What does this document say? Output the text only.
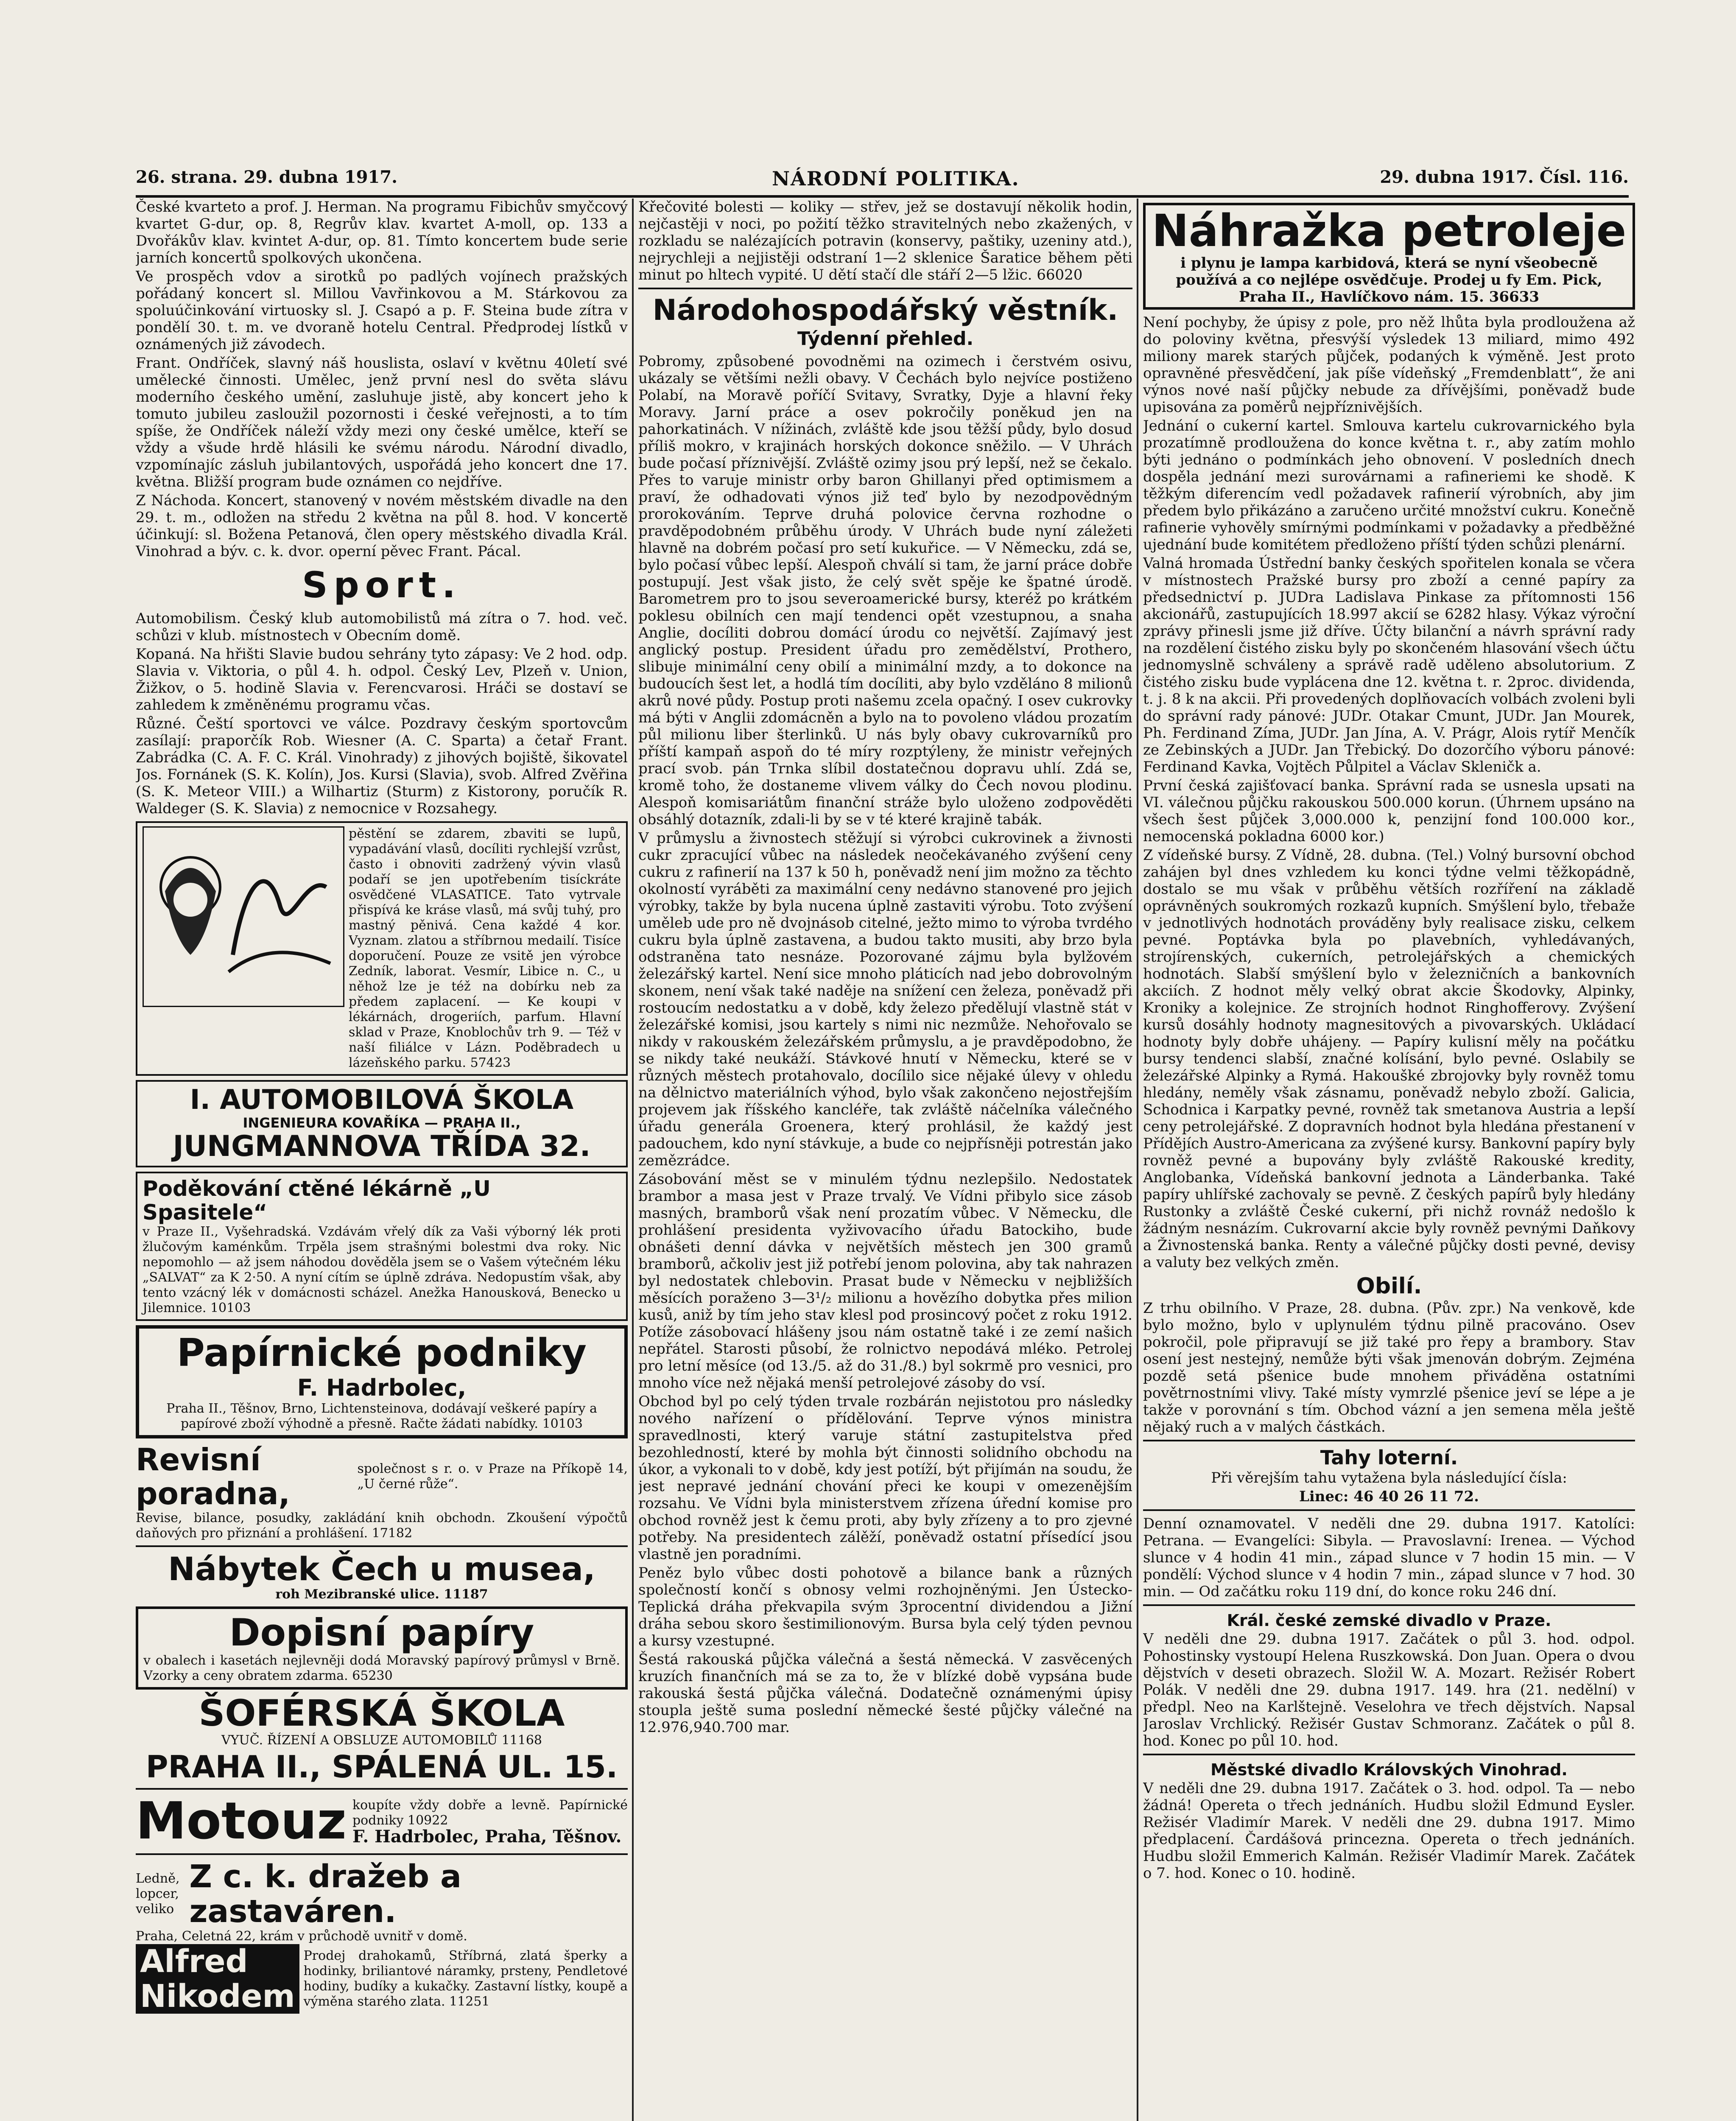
26. strana. 29. dubna 1917.	NÁRODNÍ POLITIKA.	29. dubna 1917. Čísl. 116.

České kvarteto a prof. J. Herman. Na programu Fibichův smyčcový kvartet G-dur, op. 8, Regrův klav. kvartet A-moll, op. 133 a Dvořákův klav. kvintet A-dur, op. 81. Tímto koncertem bude serie jarních koncertů spolkových ukončena.

Ve prospěch vdov a sirotků po padlých vojínech pražských pořádaný koncert sl. Millou Vavřinkovou a M. Stárkovou za spoluúčinkování virtuosky sl. J. Csapó a p. F. Steina bude zítra v pondělí 30. t. m. ve dvoraně hotelu Central. Předprodej lístků v oznámených již závodech.

Frant. Ondříček, slavný náš houslista, oslaví v květnu 40letí své umělecké činnosti. Umělec, jenž první nesl do světa slávu moderního českého umění, zasluhuje jistě, aby koncert jeho k tomuto jubileu zasloužil pozornosti i české veřejnosti, a to tím spíše, že Ondříček náleží vždy mezi ony české umělce, kteří se vždy a všude hrdě hlásili ke svému národu. Národní divadlo, vzpomínajíc zásluh jubilantových, uspořádá jeho koncert dne 17. května. Bližší program bude oznámen co nejdříve.

Z Náchoda. Koncert, stanovený v novém městském divadle na den 29. t. m., odložen na středu 2 května na půl 8. hod. V koncertě účinkují: sl. Božena Petanová, člen opery městského divadla Král. Vinohrad a býv. c. k. dvor. operní pěvec Frant. Pácal.

Sport.

Automobilism. Český klub automobilistů má zítra o 7. hod. več. schůzi v klub. místnostech v Obecním domě.

Kopaná. Na hřišti Slavie budou sehrány tyto zápasy: Ve 2 hod. odp. Slavia v. Viktoria, o půl 4. h. odpol. Český Lev, Plzeň v. Union, Žižkov, o 5. hodině Slavia v. Ferencvarosi. Hráči se dostaví se zahledem k změněnému programu včas.

Různé. Čeští sportovci ve válce. Pozdravy českým sportovcům zasílají: praporčík Rob. Wiesner (A. C. Sparta) a četař Frant. Zabrádka (C. A. F. C. Král. Vinohrady) z jihových bojiště, šikovatel Jos. Fornánek (S. K. Kolín), Jos. Kursi (Slavia), svob. Alfred Zvěřina (S. K. Meteor VIII.) a Wilhartiz (Sturm) z Kistorony, poručík R. Waldeger (S. K. Slavia) z nemocnice v Rozsahegy.

pěstění se zdarem, zbaviti se lupů, vypadávání vlasů, docíliti rychlejší vzrůst, často i obnoviti zadržený vývin vlasů podaří se jen upotřebením tisíckráte osvědčené VLASATICE. Tato vytrvale přispívá ke kráse vlasů, má svůj tuhý, pro mastný pěnivá. Cena každé 4 kor. Vyznam. zlatou a stříbrnou medailí. Tisíce doporučení. Pouze ze vsitě jen výrobce Zedník, laborat. Vesmír, Libice n. C., u něhož lze je též na dobírku neb za předem zaplacení. — Ke koupi v lékárnách, drogeriích, parfum. Hlavní sklad v Praze, Knoblochův trh 9. — Též v naší filiálce v Lázn. Poděbradech u lázeňského parku. 57423

I. AUTOMOBILOVÁ ŠKOLA
INGENIEURA KOVAŘÍKA — PRAHA II.,
JUNGMANNOVA TŘÍDA 32.
Poděkování ctěné lékárně „U Spasitele“

v Praze II., Vyšehradská. Vzdávám vřelý dík za Vaši výborný lék proti žlučovým kaménkům. Trpěla jsem strašnými bolestmi dva roky. Nic nepomohlo — až jsem náhodou dověděla jsem se o Vašem výtečném léku „SALVAT“ za K 2·50. A nyní cítím se úplně zdráva. Nedopustím však, aby tento vzácný lék v domácnosti scházel. Anežka Hanousková, Benecko u Jilemnice. 10103

Papírnické podniky
F. Hadrbolec,

Praha II., Těšnov, Brno, Lichtensteinova, dodávají veškeré papíry a papírové zboží výhodně a přesně. Račte žádati nabídky. 10103

Revisní poradna,
společnost s r. o. v Praze na Příkopě 14, „U černé růže“.

Revise, bilance, posudky, zakládání knih obchodn. Zkoušení výpočtů daňových pro přiznání a prohlášení. 17182

Nábytek Čech u musea,
roh Mezibranské ulice. 11187
Dopisní papíry

v obalech i kasetách nejlevněji dodá Moravský papírový průmysl v Brně. Vzorky a ceny obratem zdarma. 65230

ŠOFÉRSKÁ ŠKOLA
VYUČ. ŘÍZENÍ A OBSLUZE AUTOMOBILŮ 11168
PRAHA II., SPÁLENÁ UL. 15.
Motouz koupíte vždy dobře a levně. Papírnické podniky 10922

F. Hadrbolec, Praha, Těšnov.

Ledně, lopcer, veliko
Z c. k. dražeb a zastaváren.

Praha, Celetná 22, krám v průchodě uvnitř v domě.

Alfred Nikodem
Prodej drahokamů, Stříbrná, zlatá šperky a hodinky, briliantové náramky, prsteny, Pendletové hodiny, budíky a kukačky. Zastavní lístky, koupě a výměna starého zlata. 11251

Křečovité bolesti — koliky — střev, jež se dostavují několik hodin, nejčastěji v noci, po požití těžko stravitelných nebo zkažených, v rozkladu se nalézajících potravin (konservy, paštiky, uzeniny atd.), nejrychleji a nejjistěji odstraní 1—2 sklenice Šaratice během pěti minut po hltech vypité. U dětí stačí dle stáří 2—5 lžic. 66020

Národohospodářský věstník.
Týdenní přehled.

Pobromy, způsobené povodněmi na ozimech i čerstvém osivu, ukázaly se většími nežli obavy. V Čechách bylo nejvíce postiženo Polabí, na Moravě poříčí Svitavy, Svratky, Dyje a hlavní řeky Moravy. Jarní práce a osev pokročily poněkud jen na pahorkatinách. V nížinách, zvláště kde jsou těžší půdy, bylo dosud příliš mokro, v krajinách horských dokonce sněžilo. — V Uhrách bude počasí příznivější. Zvláště ozimy jsou prý lepší, než se čekalo. Přes to varuje ministr orby baron Ghillanyi před optimismem a praví, že odhadovati výnos již teď bylo by nezodpovědným prorokováním. Teprve druhá polovice června rozhodne o pravděpodobném průběhu úrody. V Uhrách bude nyní záležeti hlavně na dobrém počasí pro setí kukuřice. — V Německu, zdá se, bylo počasí vůbec lepší. Alespoň chválí si tam, že jarní práce dobře postupují. Jest však jisto, že celý svět spěje ke špatné úrodě. Barometrem pro to jsou severoamerické bursy, kteréž po krátkém poklesu obilních cen mají tendenci opět vzestupnou, a snaha Anglie, docíliti dobrou domácí úrodu co největší. Zajímavý jest anglický postup. President úřadu pro zemědělství, Prothero, slibuje minimální ceny obilí a minimální mzdy, a to dokonce na budoucích šest let, a hodlá tím docíliti, aby bylo vzděláno 8 milionů akrů nové půdy. Postup proti našemu zcela opačný. I osev cukrovky má býti v Anglii zdomácněn a bylo na to povoleno vládou prozatím půl milionu liber šterlinků. U nás byly obavy cukrovarníků pro příští kampaň aspoň do té míry rozptýleny, že ministr veřejných prací svob. pán Trnka slíbil dostatečnou dopravu uhlí. Zdá se, kromě toho, že dostaneme vlivem války do Čech novou plodinu. Alespoň komisariátům finanční stráže bylo uloženo zodpověděti obsáhlý dotazník, zdali-li by se v té které krajině tabák.

V průmyslu a živnostech stěžují si výrobci cukrovinek a živnosti cukr zpracující vůbec na následek neočekávaného zvýšení ceny cukru z rafinerií na 137 k 50 h, poněvadž není jim možno za těchto okolností vyráběti za maximální ceny nedávno stanovené pro jejich výrobky, takže by byla nucena úplně zastaviti výrobu. Toto zvýšení uměleb ude pro ně dvojnásob citelné, ježto mimo to výroba tvrdého cukru byla úplně zastavena, a budou takto musiti, aby brzo byla odstraněna tato nesnáze. Pozorované zájmu byla bylžovém železářský kartel. Není sice mnoho pláticích nad jebo dobrovolným skonem, není však také naděje na snížení cen železa, poněvadž při rostoucím nedostatku a v době, kdy železo předělují vlastně stát v železářské komisi, jsou kartely s nimi nic nezmůže. Nehořovalo se nikdy v rakouském železářském průmyslu, a je pravděpodobno, že se nikdy také neukáží. Stávkové hnutí v Německu, které se v různých městech protahovalo, docílilo sice nějaké úlevy v ohledu na dělnictvo materiálních výhod, bylo však zakončeno nejostřejším projevem jak říšského kancléře, tak zvláště náčelníka válečného úřadu generála Groenera, který prohlásil, že každý jest padouchem, kdo nyní stávkuje, a bude co nejpřísněji potrestán jako zemězrádce.

Zásobování měst se v minulém týdnu nezlepšilo. Nedostatek brambor a masa jest v Praze trvalý. Ve Vídni přibylo sice zásob masných, bramborů však není prozatím vůbec. V Německu, dle prohlášení presidenta vyživovacího úřadu Batockiho, bude obnášeti denní dávka v největších městech jen 300 gramů bramborů, ačkoliv jest již potřebí jenom polovina, aby tak nahrazen byl nedostatek chlebovin. Prasat bude v Německu v nejbližších měsících poraženo 3—3¹/₂ milionu a hovězího dobytka přes milion kusů, aniž by tím jeho stav klesl pod prosincový počet z roku 1912. Potíže zásobovací hlášeny jsou nám ostatně také i ze zemí našich nepřátel. Starosti působí, že rolnictvo nepodává mléko. Petrolej pro letní měsíce (od 13./5. až do 31./8.) byl sokrmě pro vesnici, pro mnoho více než nějaká menší petrolejové zásoby do vsí.

Obchod byl po celý týden trvale rozbárán nejistotou pro následky nového nařízení o přídělování. Teprve výnos ministra spravedlnosti, který varuje státní zastupitelstva před bezohledností, které by mohla být činnosti solidního obchodu na úkor, a vykonali to v době, kdy jest potíží, být přijímán na soudu, že jest nepravé jednání chování přeci ke koupi v omezenějším rozsahu. Ve Vídni byla ministerstvem zřízena úřední komise pro obchod rovněž jest k čemu proti, aby byly zřízeny a to pro zjevné potřeby. Na presidentech zálěží, poněvadž ostatní přísedící jsou vlastně jen poradními.

Peněz bylo vůbec dosti pohotově a bilance bank a různých společností končí s obnosy velmi rozhojněnými. Jen Ústecko-Teplická dráha překvapila svým 3procentní dividendou a Jižní dráha sebou skoro šestimilionovým. Bursa byla celý týden pevnou a kursy vzestupné.

Šestá rakouská půjčka válečná a šestá německá. V zasvěcených kruzích finančních má se za to, že v blízké době vypsána bude rakouská šestá půjčka válečná. Dodatečně oznámenými úpisy stoupla ještě suma poslední německé šesté půjčky válečné na 12.976,940.700 mar.

Náhražka petroleje

i plynu je lampa karbidová, která se nyní všeobecně používá a co nejlépe osvědčuje. Prodej u fy Em. Pick, Praha II., Havlíčkovo nám. 15. 36633

Není pochyby, že úpisy z pole, pro něž lhůta byla prodloužena až do poloviny května, přesvýší výsledek 13 miliard, mimo 492 miliony marek starých půjček, podaných k výměně. Jest proto opravněné přesvědčení, jak píše vídeňský „Fremdenblatt“, že ani výnos nové naší půjčky nebude za dřívějšími, poněvadž bude upisována za poměrů nejpříznivějších.

Jednání o cukerní kartel. Smlouva kartelu cukrovarnického byla prozatímně prodloužena do konce května t. r., aby zatím mohlo býti jednáno o podmínkách jeho obnovení. V posledních dnech dospěla jednání mezi surovárnami a rafineriemi ke shodě. K těžkým diferencím vedl požadavek rafinerií výrobních, aby jim předem bylo přikázáno a zaručeno určité množství cukru. Konečně rafinerie vyhověly smírnými podmínkami v požadavky a předběžné ujednání bude komitétem předloženo příští týden schůzi plenární.

Valná hromada Ústřední banky českých spořitelen konala se včera v místnostech Pražské bursy pro zboží a cenné papíry za předsednictví p. JUDra Ladislava Pinkase za přítomnosti 156 akcionářů, zastupujících 18.997 akcií se 6282 hlasy. Výkaz výroční zprávy přinesli jsme již dříve. Účty bilanční a návrh správní rady na rozdělení čistého zisku byly po skončeném hlasování všech účtu jednomyslně schváleny a správě radě uděleno absolutorium. Z čistého zisku bude vyplácena dne 12. května t. r. 2proc. dividenda, t. j. 8 k na akcii. Při provedených doplňovacích volbách zvoleni byli do správní rady pánové: JUDr. Otakar Cmunt, JUDr. Jan Mourek, Ph. Ferdinand Zíma, JUDr. Jan Jína, A. V. Prágr, Alois rytíř Menčík ze Zebinských a JUDr. Jan Třebický. Do dozorčího výboru pánové: Ferdinand Kavka, Vojtěch Půlpitel a Václav Skleničk a.

První česká zajišťovací banka. Správní rada se usnesla upsati na VI. válečnou půjčku rakouskou 500.000 korun. (Úhrnem upsáno na všech šest půjček 3,000.000 k, penzijní fond 100.000 kor., nemocenská pokladna 6000 kor.)

Z vídeňské bursy. Z Vídně, 28. dubna. (Tel.) Volný bursovní obchod zahájen byl dnes vzhledem ku konci týdne velmi těžkopádně, dostalo se mu však v průběhu větších rozříření na základě oprávněných soukromých rozkazů kupních. Smýšlení bylo, třebaže v jednotlivých hodnotách prováděny byly realisace zisku, celkem pevné. Poptávka byla po plavebních, vyhledávaných, strojírenských, cukerních, petrolejářských a chemických hodnotách. Slabší smýšlení bylo v železničních a bankovních akciích. Z hodnot měly velký obrat akcie Škodovky, Alpinky, Kroniky a kolejnice. Ze strojních hodnot Ringhofferovy. Zvýšení kursů dosáhly hodnoty magnesitových a pivovarských. Ukládací hodnoty byly dobře uhájeny. — Papíry kulisní měly na počátku bursy tendenci slabší, značné kolísání, bylo pevné. Oslabily se železářské Alpinky a Rymá. Hakoušké zbrojovky byly rovněž tomu hledány, neměly však zásnamu, poněvadž nebylo zboží. Galicia, Schodnica i Karpatky pevné, rovněž tak smetanova Austria a lepší ceny petrolejářské. Z dopravních hodnot byla hledána přestanení v Přídějích Austro-Americana za zvýšené kursy. Bankovní papíry byly rovněž pevné a bupovány byly zvláště Rakouské kredity, Anglobanka, Vídeňská bankovní jednota a Länderbanka. Také papíry uhlířské zachovaly se pevně. Z českých papírů byly hledány Rustonky a zvláště České cukerní, při nichž rovnáž nedošlo k žádným nesnázím. Cukrovarní akcie byly rovněž pevnými Daňkovy a Živnostenská banka. Renty a válečné půjčky dosti pevné, devisy a valuty bez velkých změn.

Obilí.

Z trhu obilního. V Praze, 28. dubna. (Pův. zpr.) Na venkově, kde bylo možno, bylo v uplynulém týdnu pilně pracováno. Osev pokročil, pole připravují se již také pro řepy a brambory. Stav osení jest nestejný, nemůže býti však jmenován dobrým. Zejména pozdě setá pšenice bude mnohem přiváděna ostatními povětrnostními vlivy. Také místy vymrzlé pšenice jeví se lépe a je takže v porovnání s tím. Obchod vázní a jen semena měla ještě nějaký ruch a v malých částkách.

Tahy loterní.

Při věrejším tahu vytažena byla následující čísla:

Linec: 46 40 26 11 72.

Denní oznamovatel. V neděli dne 29. dubna 1917. Katolíci: Petrana. — Evangelíci: Sibyla. — Pravoslavní: Irenea. — Východ slunce v 4 hodin 41 min., západ slunce v 7 hodin 15 min. — V pondělí: Východ slunce v 4 hodin 7 min., západ slunce v 7 hod. 30 min. — Od začátku roku 119 dní, do konce roku 246 dní.

Král. české zemské divadlo v Praze.

V neděli dne 29. dubna 1917. Začátek o půl 3. hod. odpol. Pohostinsky vystoupí Helena Ruszkowská. Don Juan. Opera o dvou dějstvích v deseti obrazech. Složil W. A. Mozart. Režisér Robert Polák. V neděli dne 29. dubna 1917. 149. hra (21. nedělní) v předpl. Neo na Karlštejně. Veselohra ve třech dějstvích. Napsal Jaroslav Vrchlický. Režisér Gustav Schmoranz. Začátek o půl 8. hod. Konec po půl 10. hod.

Městské divadlo Královských Vinohrad.

V neděli dne 29. dubna 1917. Začátek o 3. hod. odpol. Ta — nebo žádná! Opereta o třech jednáních. Hudbu složil Edmund Eysler. Režisér Vladimír Marek. V neděli dne 29. dubna 1917. Mimo předplacení. Čardášová princezna. Opereta o třech jednáních. Hudbu složil Emmerich Kalmán. Režisér Vladimír Marek. Začátek o 7. hod. Konec o 10. hodině.
